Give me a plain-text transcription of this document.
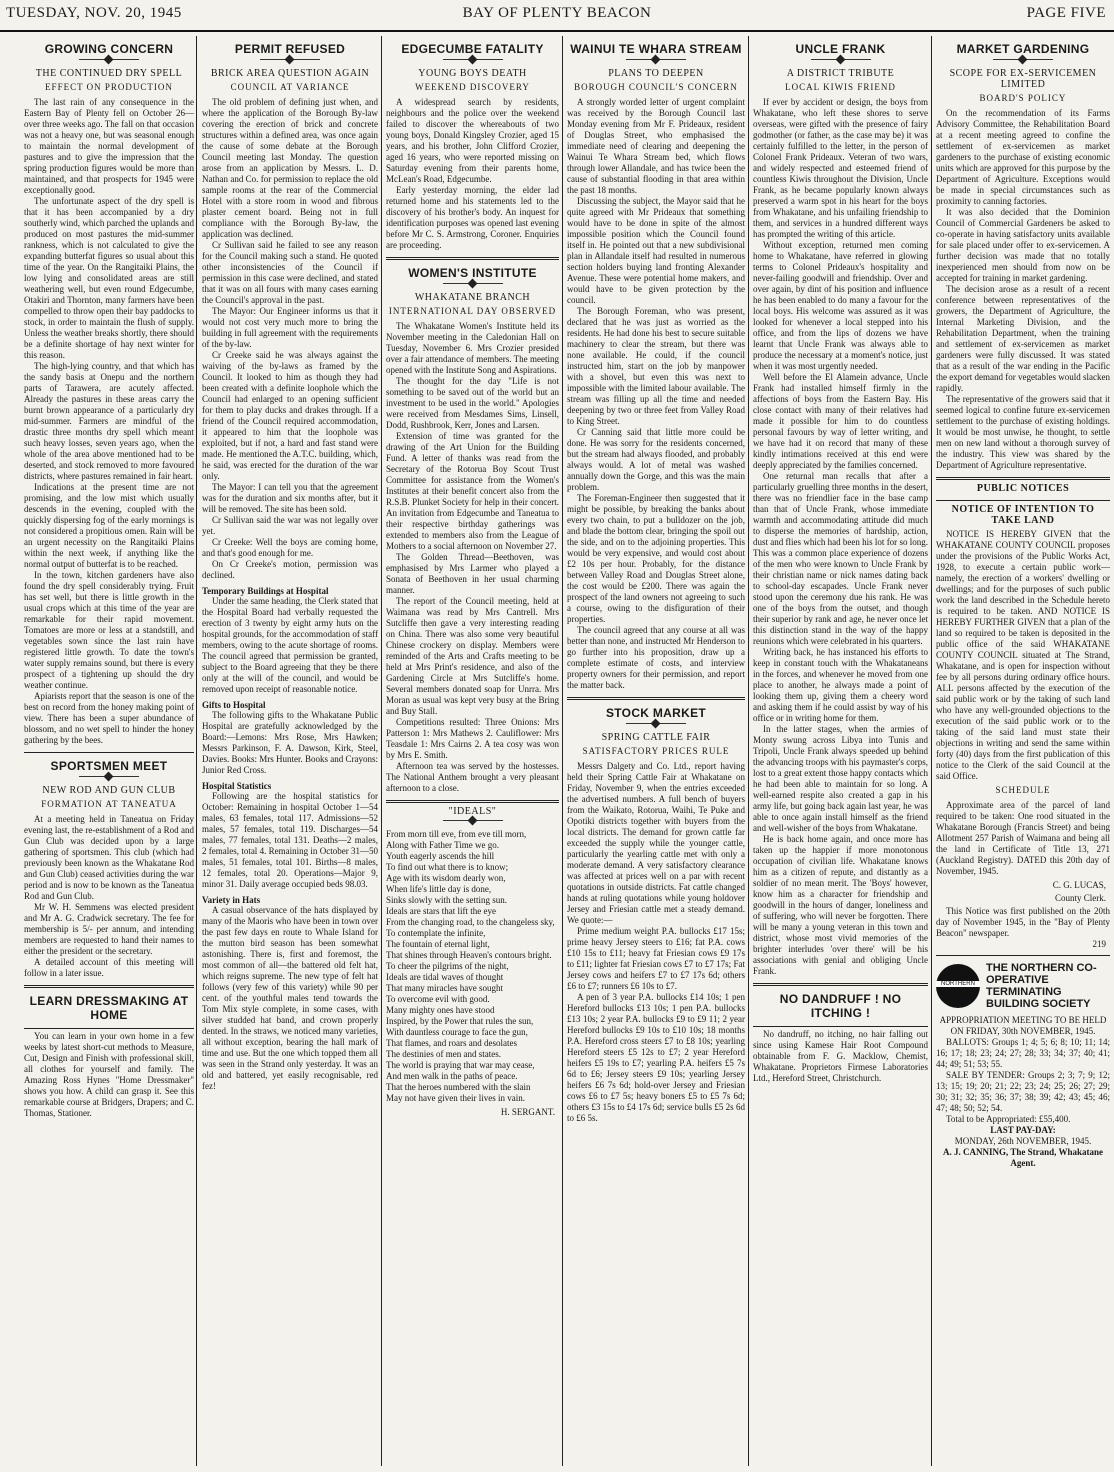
TUESDAY, NOV. 20, 1945	BAY OF PLENTY BEACON	PAGE FIVE
GROWING CONCERN
THE CONTINUED DRY SPELL
EFFECT ON PRODUCTION

The last rain of any consequence in the Eastern Bay of Plenty fell on October 26—over three weeks ago. The fall on that occasion was not a heavy one, but was seasonal enough to maintain the normal development of pastures and to give the impression that the spring production figures would be more than maintained, and that prospects for 1945 were exceptionally good.

The unfortunate aspect of the dry spell is that it has been accompanied by a dry southerly wind, which parched the uplands and produced on most pastures the mid-summer rankness, which is not calculated to give the expanding butterfat figures so usual about this time of the year. On the Rangitaiki Plains, the low lying and consolidated areas are still weathering well, but even round Edgecumbe, Otakiri and Thornton, many farmers have been compelled to throw open their bay paddocks to stock, in order to maintain the flush of supply. Unless the weather breaks shortly, there should be a definite shortage of hay next winter for this reason.

The high-lying country, and that which has the sandy basis at Onepu and the northern parts of Tarawera, are acutely affected. Already the pastures in these areas carry the burnt brown appearance of a particularly dry mid-summer. Farmers are mindful of the drastic three months dry spell which meant such heavy losses, seven years ago, when the whole of the area above mentioned had to be deserted, and stock removed to more favoured districts, where pastures remained in fair heart.

Indications at the present time are not promising, and the low mist which usually descends in the evening, coupled with the quickly dispersing fog of the early mornings is not considered a propitious omen. Rain will be an urgent necessity on the Rangitaiki Plains within the next week, if anything like the normal output of butterfat is to be reached.

In the town, kitchen gardeners have also found the dry spell considerably trying. Fruit has set well, but there is little growth in the usual crops which at this time of the year are remarkable for their rapid movement. Tomatoes are more or less at a standstill, and vegetables sown since the last rain have registered little growth. To date the town's water supply remains sound, but there is every prospect of a tightening up should the dry weather continue.

Apiarists report that the season is one of the best on record from the honey making point of view. There has been a super abundance of blossom, and no wet spell to hinder the honey gathering by the bees.

SPORTSMEN MEET
NEW ROD AND GUN CLUB
FORMATION AT TANEATUA

At a meeting held in Taneatua on Friday evening last, the re-establishment of a Rod and Gun Club was decided upon by a large gathering of sportsmen. This club (which had previously been known as the Whakatane Rod and Gun Club) ceased activities during the war period and is now to be known as the Taneatua Rod and Gun Club.

Mr W. H. Semmens was elected president and Mr A. G. Cradwick secretary. The fee for membership is 5/- per annum, and intending members are requested to hand their names to either the president or the secretary.

A detailed account of this meeting will follow in a later issue.

LEARN DRESSMAKING AT HOME

You can learn in your own home in a few weeks by latest short-cut methods to Measure, Cut, Design and Finish with professional skill, all clothes for yourself and family. The Amazing Ross Hynes "Home Dressmaker" shows you how. A child can grasp it. See this remarkable course at Bridgers, Drapers; and C. Thomas, Stationer.

PERMIT REFUSED
BRICK AREA QUESTION AGAIN
COUNCIL AT VARIANCE

The old problem of defining just when, and where the application of the Borough By-law covering the erection of brick and concrete structures within a defined area, was once again the cause of some debate at the Borough Council meeting last Monday. The question arose from an application by Messrs. L. D. Nathan and Co. for permission to replace the old sample rooms at the rear of the Commercial Hotel with a store room in wood and fibrous plaster cement board. Being not in full compliance with the Borough By-law, the application was declined.

Cr Sullivan said he failed to see any reason for the Council making such a stand. He quoted other inconsistencies of the Council if permission in this case were declined, and stated that it was on all fours with many cases earning the Council's approval in the past.

The Mayor: Our Engineer informs us that it would not cost very much more to bring the building in full agreement with the requirements of the by-law.

Cr Creeke said he was always against the waiving of the by-laws as framed by the Council. It looked to him as though they had been created with a definite loophole which the Council had enlarged to an opening sufficient for them to play ducks and drakes through. If a friend of the Council required accommodation, it appeared to him that the loophole was exploited, but if not, a hard and fast stand were made. He mentioned the A.T.C. building, which, he said, was erected for the duration of the war only.

The Mayor: I can tell you that the agreement was for the duration and six months after, but it will be removed. The site has been sold.

Cr Sullivan said the war was not legally over yet.

Cr Creeke: Well the boys are coming home, and that's good enough for me.

On Cr Creeke's motion, permission was declined.

Temporary Buildings at Hospital

Under the same heading, the Clerk stated that the Hospital Board had verbally requested the erection of 3 twenty by eight army huts on the hospital grounds, for the accommodation of staff members, owing to the acute shortage of rooms. The council agreed that permission be granted, subject to the Board agreeing that they be there only at the will of the council, and would be removed upon receipt of reasonable notice.

Gifts to Hospital

The following gifts to the Whakatane Public Hospital are gratefully acknowledged by the Board:—Lemons: Mrs Rose, Mrs Hawken; Messrs Parkinson, F. A. Dawson, Kirk, Steel, Davies. Books: Mrs Hunter. Books and Crayons: Junior Red Cross.

Hospital Statistics

Following are the hospital statistics for October: Remaining in hospital October 1—54 males, 63 females, total 117. Admissions—52 males, 57 females, total 119. Discharges—54 males, 77 females, total 131. Deaths—2 males, 2 females, total 4. Remaining in October 31—50 males, 51 females, total 101. Births—8 males, 12 females, total 20. Operations—Major 9, minor 31. Daily average occupied beds 98.03.

Variety in Hats

A casual observance of the hats displayed by many of the Maoris who have been in town over the past few days en route to Whale Island for the mutton bird season has been somewhat astonishing. There is, first and foremost, the most common of all—the battered old felt hat, which reigns supreme. The new type of felt hat follows (very few of this variety) while 90 per cent. of the youthful males tend towards the Tom Mix style complete, in some cases, with silver studded hat band, and crown properly dented. In the straws, we noticed many varieties, all without exception, bearing the hall mark of time and use. But the one which topped them all was seen in the Strand only yesterday. It was an old and battered, yet easily recognisable, red fez!

EDGECUMBE FATALITY
YOUNG BOYS DEATH
WEEKEND DISCOVERY

A widespread search by residents, neighbours and the police over the weekend failed to discover the whereabouts of two young boys, Donald Kingsley Crozier, aged 15 years, and his brother, John Clifford Crozier, aged 16 years, who were reported missing on Saturday evening from their parents home, McLean's Road, Edgecumbe.

Early yesterday morning, the elder lad returned home and his statements led to the discovery of his brother's body. An inquest for identification purposes was opened last evening before Mr C. S. Armstrong, Coroner. Enquiries are proceeding.

WOMEN'S INSTITUTE
WHAKATANE BRANCH
INTERNATIONAL DAY OBSERVED

The Whakatane Women's Institute held its November meeting in the Caledonian Hall on Tuesday, November 6. Mrs Crozier presided over a fair attendance of members. The meeting opened with the Institute Song and Aspirations.

The thought for the day "Life is not something to be saved out of the world but an investment to be used in the world." Apologies were received from Mesdames Sims, Linsell, Dodd, Rushbrook, Kerr, Jones and Larsen.

Extension of time was granted for the drawing of the Art Union for the Building Fund. A letter of thanks was read from the Secretary of the Rotorua Boy Scout Trust Committee for assistance from the Women's Institutes at their benefit concert also from the R.S.B. Plunket Society for help in their concert. An invitation from Edgecumbe and Taneatua to their respective birthday gatherings was extended to members also from the League of Mothers to a social afternoon on November 27.

The Golden Thread—Beethoven, was emphasised by Mrs Larmer who played a Sonata of Beethoven in her usual charming manner.

The report of the Council meeting, held at Waimana was read by Mrs Cantrell. Mrs Sutcliffe then gave a very interesting reading on China. There was also some very beautiful Chinese crockery on display. Members were reminded of the Arts and Crafts meeting to be held at Mrs Print's residence, and also of the Gardening Circle at Mrs Sutcliffe's home. Several members donated soap for Unrra. Mrs Moran as usual was kept very busy at the Bring and Buy Stall.

Competitions resulted: Three Onions: Mrs Patterson 1: Mrs Mathews 2. Cauliflower: Mrs Teasdale 1: Mrs Cairns 2. A tea cosy was won by Mrs E. Smith.

Afternoon tea was served by the hostesses. The National Anthem brought a very pleasant afternoon to a close.

"IDEALS"
From morn till eve, from eve till morn,
Along with Father Time we go.
Youth eagerly ascends the hill
To find out what there is to know;
Age with its wisdom dearly won,
When life's little day is done,
Sinks slowly with the setting sun.
Ideals are stars that lift the eye
From the changing road, to the changeless sky,
To contemplate the infinite,
The fountain of eternal light,
That shines through Heaven's contours bright.
To cheer the pilgrims of the night,
Ideals are tidal waves of thought
That many miracles have sought
To overcome evil with good.
Many mighty ones have stood
Inspired, by the Power that rules the sun,
With dauntless courage to face the gun,
That flames, and roars and desolates
The destinies of men and states.
The world is praying that war may cease,
And men walk in the paths of peace.
That the heroes numbered with the slain
May not have given their lives in vain.
H. SERGANT.
WAINUI TE WHARA STREAM
PLANS TO DEEPEN
BOROUGH COUNCIL'S CONCERN

A strongly worded letter of urgent complaint was received by the Borough Council last Monday evening from Mr F. Prideaux, resident of Douglas Street, who emphasised the immediate need of clearing and deepening the Wainui Te Whara Stream bed, which flows through lower Allandale, and has twice been the cause of substantial flooding in that area within the past 18 months.

Discussing the subject, the Mayor said that he quite agreed with Mr Prideaux that something would have to be done in spite of the almost impossible position which the Council found itself in. He pointed out that a new subdivisional plan in Allandale itself had resulted in numerous section holders buying land fronting Alexander Avenue. These were potential home makers, and would have to be given protection by the council.

The Borough Foreman, who was present, declared that he was just as worried as the residents. He had done his best to secure suitable machinery to clear the stream, but there was none available. He could, if the council instructed him, start on the job by manpower with a shovel, but even this was next to impossible with the limited labour available. The stream was filling up all the time and needed deepening by two or three feet from Valley Road to King Street.

Cr Canning said that little more could be done. He was sorry for the residents concerned, but the stream had always flooded, and probably always would. A lot of metal was washed annually down the Gorge, and this was the main problem.

The Foreman-Engineer then suggested that it might be possible, by breaking the banks about every two chain, to put a bulldozer on the job, and blade the bottom clear, bringing the spoil out the side, and on to the adjoining properties. This would be very expensive, and would cost about £2 10s per hour. Probably, for the distance between Valley Road and Douglas Street alone, the cost would be £200. There was again the prospect of the land owners not agreeing to such a course, owing to the disfiguration of their properties.

The council agreed that any course at all was better than none, and instructed Mr Henderson to go further into his proposition, draw up a complete estimate of costs, and interview property owners for their permission, and report the matter back.

STOCK MARKET
SPRING CATTLE FAIR
SATISFACTORY PRICES RULE

Messrs Dalgety and Co. Ltd., report having held their Spring Cattle Fair at Whakatane on Friday, November 9, when the entries exceeded the advertised numbers. A full bench of buyers from the Waikato, Rotorua, Waihi, Te Puke and Opotiki districts together with buyers from the local districts. The demand for grown cattle far exceeded the supply while the younger cattle, particularly the yearling cattle met with only a moderate demand. A very satisfactory clearance was affected at prices well on a par with recent quotations in outside districts. Fat cattle changed hands at ruling quotations while young holdover Jersey and Friesian cattle met a steady demand. We quote:—

Prime medium weight P.A. bullocks £17 15s; prime heavy Jersey steers to £16; fat P.A. cows £10 15s to £11; heavy fat Friesian cows £9 17s to £11; lighter fat Friesian cows £7 to £7 17s; Fat Jersey cows and heifers £7 to £7 17s 6d; others £6 to £7; runners £6 10s to £7.

A pen of 3 year P.A. bullocks £14 10s; 1 pen Hereford bullocks £13 10s; 1 pen P.A. bullocks £13 10s; 2 year P.A. bullocks £9 to £9 11; 2 year Hereford bullocks £9 10s to £10 10s; 18 months P.A. Hereford cross steers £7 to £8 10s; yearling Hereford steers £5 12s to £7; 2 year Hereford heifers £5 19s to £7; yearling P.A. heifers £5 7s 6d to £6; Jersey steers £9 10s; yearling Jersey heifers £6 7s 6d; hold-over Jersey and Friesian cows £6 to £7 5s; heavy boners £5 to £5 7s 6d; others £3 15s to £4 17s 6d; service bulls £5 2s 6d to £6 5s.

UNCLE FRANK
A DISTRICT TRIBUTE
LOCAL KIWIS FRIEND

If ever by accident or design, the boys from Whakatane, who left these shores to serve overseas, were gifted with the presence of fairy godmother (or father, as the case may be) it was certainly fulfilled to the letter, in the person of Colonel Frank Prideaux. Veteran of two wars, and widely respected and esteemed friend of countless Kiwis throughout the Division, Uncle Frank, as he became popularly known always preserved a warm spot in his heart for the boys from Whakatane, and his unfailing friendship to them, and services in a hundred different ways has prompted the writing of this article.

Without exception, returned men coming home to Whakatane, have referred in glowing terms to Colonel Prideaux's hospitality and never-failing goodwill and friendship. Over and over again, by dint of his position and influence he has been enabled to do many a favour for the local boys. His welcome was assured as it was looked for whenever a local stepped into his office, and from the lips of dozens we have learnt that Uncle Frank was always able to produce the necessary at a moment's notice, just when it was most urgently needed.

Well before the El Alamein advance, Uncle Frank had installed himself firmly in the affections of boys from the Eastern Bay. His close contact with many of their relatives had made it possible for him to do countless personal favours by way of letter writing, and we have had it on record that many of these kindly intimations received at this end were deeply appreciated by the families concerned.

One returnal man recalls that after a particularly gruelling three months in the desert, there was no friendlier face in the base camp than that of Uncle Frank, whose immediate warmth and accommodating attitude did much to disperse the memories of hardship, action, dust and flies which had been his lot for so long. This was a common place experience of dozens of the men who were known to Uncle Frank by their christian name or nick names dating back to school-day escapades. Uncle Frank never stood upon the ceremony due his rank. He was one of the boys from the outset, and though their superior by rank and age, he never once let this distinction stand in the way of the happy reunions which were celebrated in his quarters.

Writing back, he has instanced his efforts to keep in constant touch with the Whakataneans in the forces, and whenever he moved from one place to another, he always made a point of looking them up, giving them a cheery word and asking them if he could assist by way of his office or in writing home for them.

In the latter stages, when the armies of Monty swung across Libya into Tunis and Tripoli, Uncle Frank always speeded up behind the advancing troops with his paymaster's corps, lost to a great extent those happy contacts which he had been able to maintain for so long. A well-earned respite also created a gap in his army life, but going back again last year, he was able to once again install himself as the friend and well-wisher of the boys from Whakatane.

He is back home again, and once more has taken up the happier if more monotonous occupation of civilian life. Whakatane knows him as a citizen of repute, and distantly as a soldier of no mean merit. The 'Boys' however, know him as a character for friendship and goodwill in the hours of danger, loneliness and of suffering, who will never be forgotten. There will be many a young veteran in this town and district, whose most vivid memories of the brighter interludes 'over there' will be his associations with genial and obliging Uncle Frank.

NO DANDRUFF ! NO ITCHING !

No dandruff, no itching, no hair falling out since using Kamese Hair Root Compound obtainable from F. G. Macklow, Chemist, Whakatane. Proprietors Firmese Laboratories Ltd., Hereford Street, Christchurch.

MARKET GARDENING
SCOPE FOR EX-SERVICEMEN LIMITED
BOARD'S POLICY

On the recommendation of its Farms Advisory Committee, the Rehabilitation Board at a recent meeting agreed to confine the settlement of ex-servicemen as market gardeners to the purchase of existing economic units which are approved for this purpose by the Department of Agriculture. Exceptions would be made in special circumstances such as proximity to canning factories.

It was also decided that the Dominion Council of Commercial Gardeners be asked to co-operate in having satisfactory units available for sale placed under offer to ex-servicemen. A further decision was made that no totally inexperienced men should from now on be accepted for training in market gardening.

The decision arose as a result of a recent conference between representatives of the growers, the Department of Agriculture, the Internal Marketing Division, and the Rehabilitation Department, when the training and settlement of ex-servicemen as market gardeners were fully discussed. It was stated that as a result of the war ending in the Pacific the export demand for vegetables would slacken rapidly.

The representative of the growers said that it seemed logical to confine future ex-servicemen settlement to the purchase of existing holdings. It would be most unwise, he thought, to settle men on new land without a thorough survey of the industry. This view was shared by the Department of Agriculture representative.

PUBLIC NOTICES
NOTICE OF INTENTION TO TAKE LAND

NOTICE IS HEREBY GIVEN that the WHAKATANE COUNTY COUNCIL proposes under the provisions of the Public Works Act, 1928, to execute a certain public work—namely, the erection of a workers' dwelling or dwellings; and for the purposes of such public work the land described in the Schedule hereto is required to be taken. AND NOTICE IS HEREBY FURTHER GIVEN that a plan of the land so required to be taken is deposited in the public office of the said WHAKATANE COUNTY COUNCIL situated at The Strand, Whakatane, and is open for inspection without fee by all persons during ordinary office hours. ALL persons affected by the execution of the said public work or by the taking of such land who have any well-grounded objections to the execution of the said public work or to the taking of the said land must state their objections in writing and send the same within forty (40) days from the first publication of this notice to the Clerk of the said Council at the said Office.

SCHEDULE

Approximate area of the parcel of land required to be taken: One rood situated in the Whakatane Borough (Francis Street) and being Allotment 257 Parish of Waimana and being all the land in Certificate of Title 13, 271 (Auckland Registry). DATED this 20th day of November, 1945.

C. G. LUCAS,
County Clerk.

This Notice was first published on the 20th day of November 1945, in the "Bay of Plenty Beacon" newspaper.

219
NORTHERN
THE NORTHERN CO-OPERATIVE TERMINATING BUILDING SOCIETY

APPROPRIATION MEETING TO BE HELD ON FRIDAY, 30th NOVEMBER, 1945.

BALLOTS: Groups 1; 4; 5; 6; 8; 10; 11; 14; 16; 17; 18; 23; 24; 27; 28; 33; 34; 37; 40; 41; 44; 49; 51; 53; 55.

SALE BY TENDER: Groups 2; 3; 7; 9; 12; 13; 15; 19; 20; 21; 22; 23; 24; 25; 26; 27; 29; 30; 31; 32; 35; 36; 37; 38; 39; 42; 43; 45; 46; 47; 48; 50; 52; 54.

Total to be Appropriated: £55,400.

LAST PAY-DAY:

MONDAY, 26th NOVEMBER, 1945.

A. J. CANNING, The Strand, Whakatane Agent.
